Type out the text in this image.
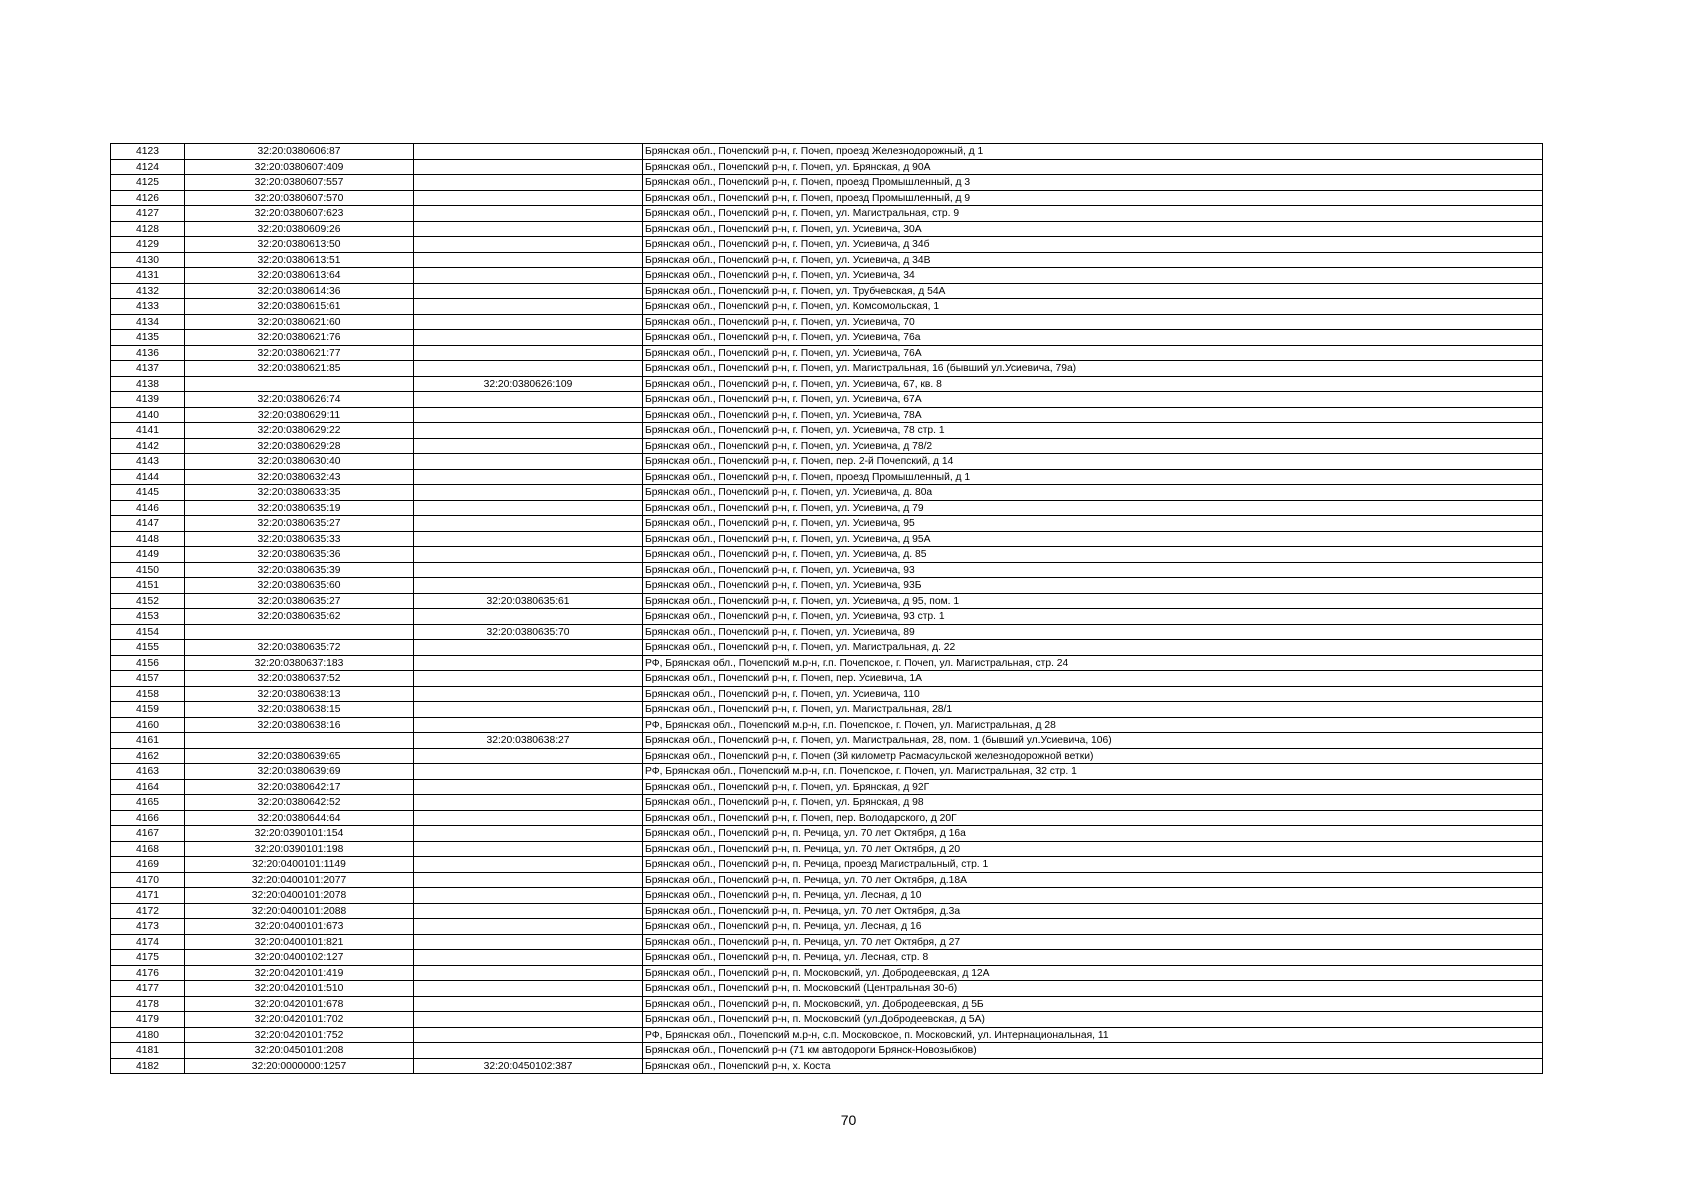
4123	32:20:0380606:87		Брянская обл., Почепский р-н, г. Почеп, проезд Железнодорожный, д 1
4124	32:20:0380607:409		Брянская обл., Почепский р-н, г. Почеп, ул. Брянская, д 90А
4125	32:20:0380607:557		Брянская обл., Почепский р-н, г. Почеп, проезд Промышленный, д 3
4126	32:20:0380607:570		Брянская обл., Почепский р-н, г. Почеп, проезд Промышленный, д 9
4127	32:20:0380607:623		Брянская обл., Почепский р-н, г. Почеп, ул. Магистральная, стр. 9
4128	32:20:0380609:26		Брянская обл., Почепский р-н, г. Почеп, ул. Усиевича, 30А
4129	32:20:0380613:50		Брянская обл., Почепский р-н, г. Почеп, ул. Усиевича, д 34б
4130	32:20:0380613:51		Брянская обл., Почепский р-н, г. Почеп, ул. Усиевича, д 34В
4131	32:20:0380613:64		Брянская обл., Почепский р-н, г. Почеп, ул. Усиевича, 34
4132	32:20:0380614:36		Брянская обл., Почепский р-н, г. Почеп, ул. Трубчевская, д 54А
4133	32:20:0380615:61		Брянская обл., Почепский р-н, г. Почеп, ул. Комсомольская, 1
4134	32:20:0380621:60		Брянская обл., Почепский р-н, г. Почеп, ул. Усиевича, 70
4135	32:20:0380621:76		Брянская обл., Почепский р-н, г. Почеп, ул. Усиевича, 76а
4136	32:20:0380621:77		Брянская обл., Почепский р-н, г. Почеп, ул. Усиевича, 76А
4137	32:20:0380621:85		Брянская обл., Почепский р-н, г. Почеп, ул. Магистральная, 16 (бывший ул.Усиевича, 79а)
4138		32:20:0380626:109	Брянская обл., Почепский р-н, г. Почеп, ул. Усиевича, 67, кв. 8
4139	32:20:0380626:74		Брянская обл., Почепский р-н, г. Почеп, ул. Усиевича, 67А
4140	32:20:0380629:11		Брянская обл., Почепский р-н, г. Почеп, ул. Усиевича, 78А
4141	32:20:0380629:22		Брянская обл., Почепский р-н, г. Почеп, ул. Усиевича, 78 стр. 1
4142	32:20:0380629:28		Брянская обл., Почепский р-н, г. Почеп, ул. Усиевича, д 78/2
4143	32:20:0380630:40		Брянская обл., Почепский р-н, г. Почеп, пер. 2-й Почепский, д 14
4144	32:20:0380632:43		Брянская обл., Почепский р-н, г. Почеп, проезд Промышленный, д 1
4145	32:20:0380633:35		Брянская обл., Почепский р-н, г. Почеп, ул. Усиевича, д. 80а
4146	32:20:0380635:19		Брянская обл., Почепский р-н, г. Почеп, ул. Усиевича, д 79
4147	32:20:0380635:27		Брянская обл., Почепский р-н, г. Почеп, ул. Усиевича, 95
4148	32:20:0380635:33		Брянская обл., Почепский р-н, г. Почеп, ул. Усиевича, д 95А
4149	32:20:0380635:36		Брянская обл., Почепский р-н, г. Почеп, ул. Усиевича, д. 85
4150	32:20:0380635:39		Брянская обл., Почепский р-н, г. Почеп, ул. Усиевича, 93
4151	32:20:0380635:60		Брянская обл., Почепский р-н, г. Почеп, ул. Усиевича, 93Б
4152	32:20:0380635:27	32:20:0380635:61	Брянская обл., Почепский р-н, г. Почеп, ул. Усиевича, д 95, пом. 1
4153	32:20:0380635:62		Брянская обл., Почепский р-н, г. Почеп, ул. Усиевича, 93 стр. 1
4154		32:20:0380635:70	Брянская обл., Почепский р-н, г. Почеп, ул. Усиевича, 89
4155	32:20:0380635:72		Брянская обл., Почепский р-н, г. Почеп, ул. Магистральная, д. 22
4156	32:20:0380637:183		РФ, Брянская обл., Почепский м.р-н, г.п. Почепское, г. Почеп, ул. Магистральная, стр. 24
4157	32:20:0380637:52		Брянская обл., Почепский р-н, г. Почеп, пер. Усиевича, 1А
4158	32:20:0380638:13		Брянская обл., Почепский р-н, г. Почеп, ул. Усиевича, 110
4159	32:20:0380638:15		Брянская обл., Почепский р-н, г. Почеп, ул. Магистральная, 28/1
4160	32:20:0380638:16		РФ, Брянская обл., Почепский м.р-н, г.п. Почепское, г. Почеп, ул. Магистральная, д 28
4161		32:20:0380638:27	Брянская обл., Почепский р-н, г. Почеп, ул. Магистральная, 28, пом. 1 (бывший ул.Усиевича, 106)
4162	32:20:0380639:65		Брянская обл., Почепский р-н, г. Почеп (3й километр Расмасульской железнодорожной ветки)
4163	32:20:0380639:69		РФ, Брянская обл., Почепский м.р-н, г.п. Почепское, г. Почеп, ул. Магистральная, 32 стр. 1
4164	32:20:0380642:17		Брянская обл., Почепский р-н, г. Почеп, ул. Брянская, д 92Г
4165	32:20:0380642:52		Брянская обл., Почепский р-н, г. Почеп, ул. Брянская, д 98
4166	32:20:0380644:64		Брянская обл., Почепский р-н, г. Почеп, пер. Володарского, д 20Г
4167	32:20:0390101:154		Брянская обл., Почепский р-н, п. Речица, ул. 70 лет Октября, д 16а
4168	32:20:0390101:198		Брянская обл., Почепский р-н, п. Речица, ул. 70 лет Октября, д 20
4169	32:20:0400101:1149		Брянская обл., Почепский р-н, п. Речица, проезд Магистральный, стр. 1
4170	32:20:0400101:2077		Брянская обл., Почепский р-н, п. Речица, ул. 70 лет Октября, д.18А
4171	32:20:0400101:2078		Брянская обл., Почепский р-н, п. Речица, ул. Лесная, д 10
4172	32:20:0400101:2088		Брянская обл., Почепский р-н, п. Речица, ул. 70 лет Октября, д.3а
4173	32:20:0400101:673		Брянская обл., Почепский р-н, п. Речица, ул. Лесная, д 16
4174	32:20:0400101:821		Брянская обл., Почепский р-н, п. Речица, ул. 70 лет Октября, д 27
4175	32:20:0400102:127		Брянская обл., Почепский р-н, п. Речица, ул. Лесная, стр. 8
4176	32:20:0420101:419		Брянская обл., Почепский р-н, п. Московский, ул. Добродеевская, д 12А
4177	32:20:0420101:510		Брянская обл., Почепский р-н, п. Московский (Центральная 30-б)
4178	32:20:0420101:678		Брянская обл., Почепский р-н, п. Московский, ул. Добродеевская, д 5Б
4179	32:20:0420101:702		Брянская обл., Почепский р-н, п. Московский (ул.Добродеевская, д 5А)
4180	32:20:0420101:752		РФ, Брянская обл., Почепский м.р-н, с.п. Московское, п. Московский, ул. Интернациональная, 11
4181	32:20:0450101:208		Брянская обл., Почепский р-н (71 км автодороги Брянск-Новозыбков)
4182	32:20:0000000:1257	32:20:0450102:387	Брянская обл., Почепский р-н, х. Коста
70
